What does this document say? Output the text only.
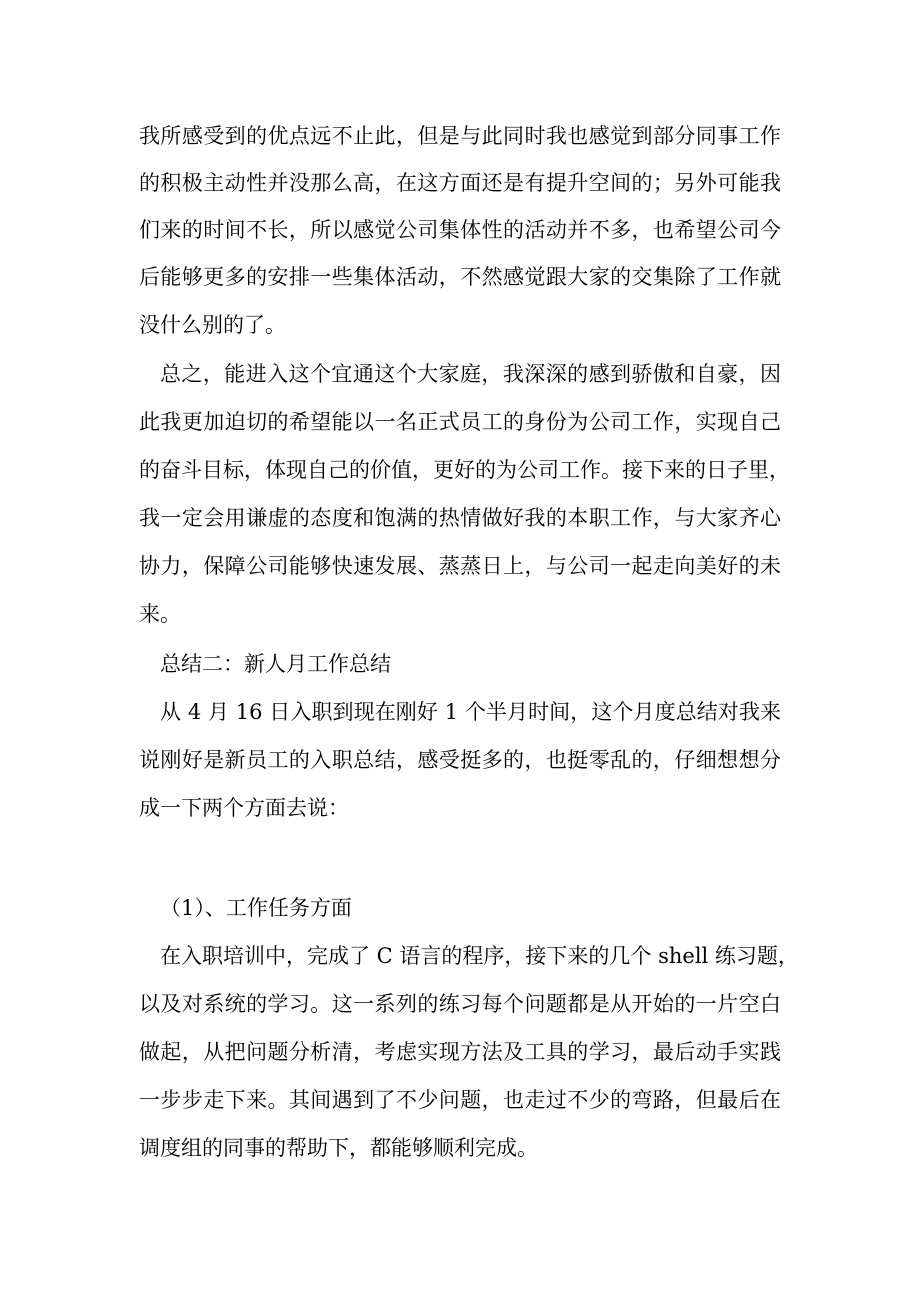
我所感受到的优点远不止此，但是与此同时我也感觉到部分同事工作
的积极主动性并没那么高，在这方面还是有提升空间的；另外可能我
们来的时间不长，所以感觉公司集体性的活动并不多，也希望公司今
后能够更多的安排一些集体活动，不然感觉跟大家的交集除了工作就
没什么别的了。
总之，能进入这个宜通这个大家庭，我深深的感到骄傲和自豪，因
此我更加迫切的希望能以一名正式员工的身份为公司工作，实现自己
的奋斗目标，体现自己的价值，更好的为公司工作。接下来的日子里，
我一定会用谦虚的态度和饱满的热情做好我的本职工作，与大家齐心
协力，保障公司能够快速发展、蒸蒸日上，与公司一起走向美好的未
来。
总结二：新人月工作总结
从 4 月 16 日入职到现在刚好 1 个半月时间，这个月度总结对我来
说刚好是新员工的入职总结，感受挺多的，也挺零乱的，仔细想想分
成一下两个方面去说：
（1）、工作任务方面
在入职培训中，完成了 C 语言的程序，接下来的几个 shell 练习题，
以及对系统的学习。这一系列的练习每个问题都是从开始的一片空白
做起，从把问题分析清，考虑实现方法及工具的学习，最后动手实践
一步步走下来。其间遇到了不少问题，也走过不少的弯路，但最后在
调度组的同事的帮助下，都能够顺利完成。
